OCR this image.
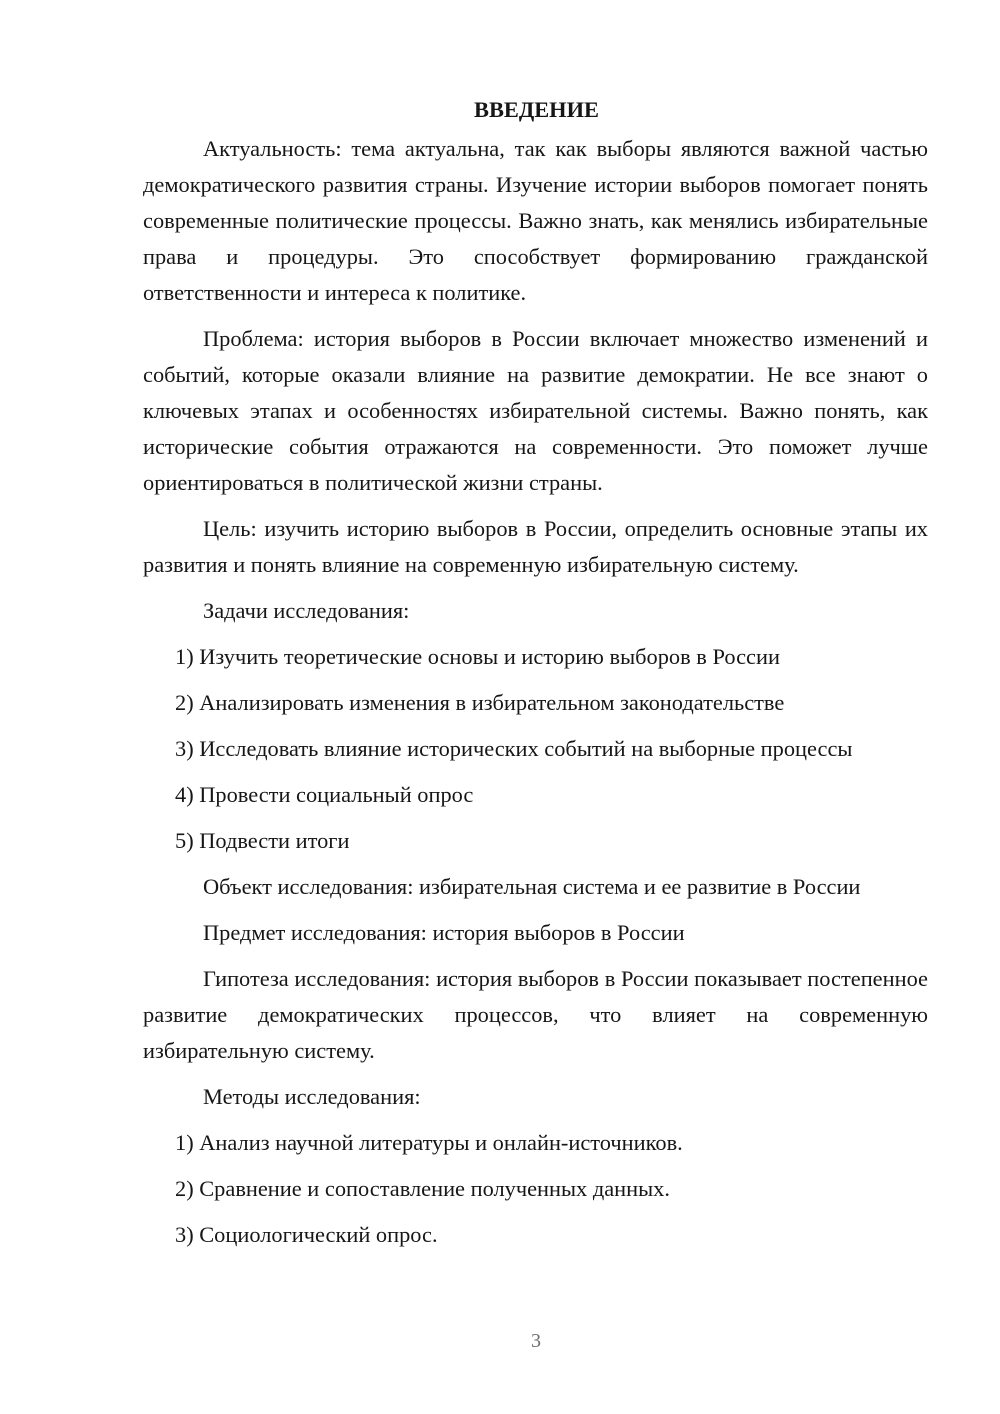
ВВЕДЕНИЕ

Актуальность: тема актуальна, так как выборы являются важной частью демократического развития страны. Изучение истории выборов помогает понять современные политические процессы. Важно знать, как менялись избирательные права и процедуры. Это способствует формированию гражданской ответственности и интереса к политике.

Проблема: история выборов в России включает множество изменений и событий, которые оказали влияние на развитие демократии. Не все знают о ключевых этапах и особенностях избирательной системы. Важно понять, как исторические события отражаются на современности. Это поможет лучше ориентироваться в политической жизни страны.

Цель: изучить историю выборов в России, определить основные этапы их развития и понять влияние на современную избирательную систему.

Задачи исследования:

1) Изучить теоретические основы и историю выборов в России

2) Анализировать изменения в избирательном законодательстве

3) Исследовать влияние исторических событий на выборные процессы

4) Провести социальный опрос

5) Подвести итоги

Объект исследования: избирательная система и ее развитие в России

Предмет исследования: история выборов в России

Гипотеза исследования: история выборов в России показывает постепенное развитие демократических процессов, что влияет на современную избирательную систему.

Методы исследования:

1) Анализ научной литературы и онлайн-источников.

2) Сравнение и сопоставление полученных данных.

3) Социологический опрос.

3
